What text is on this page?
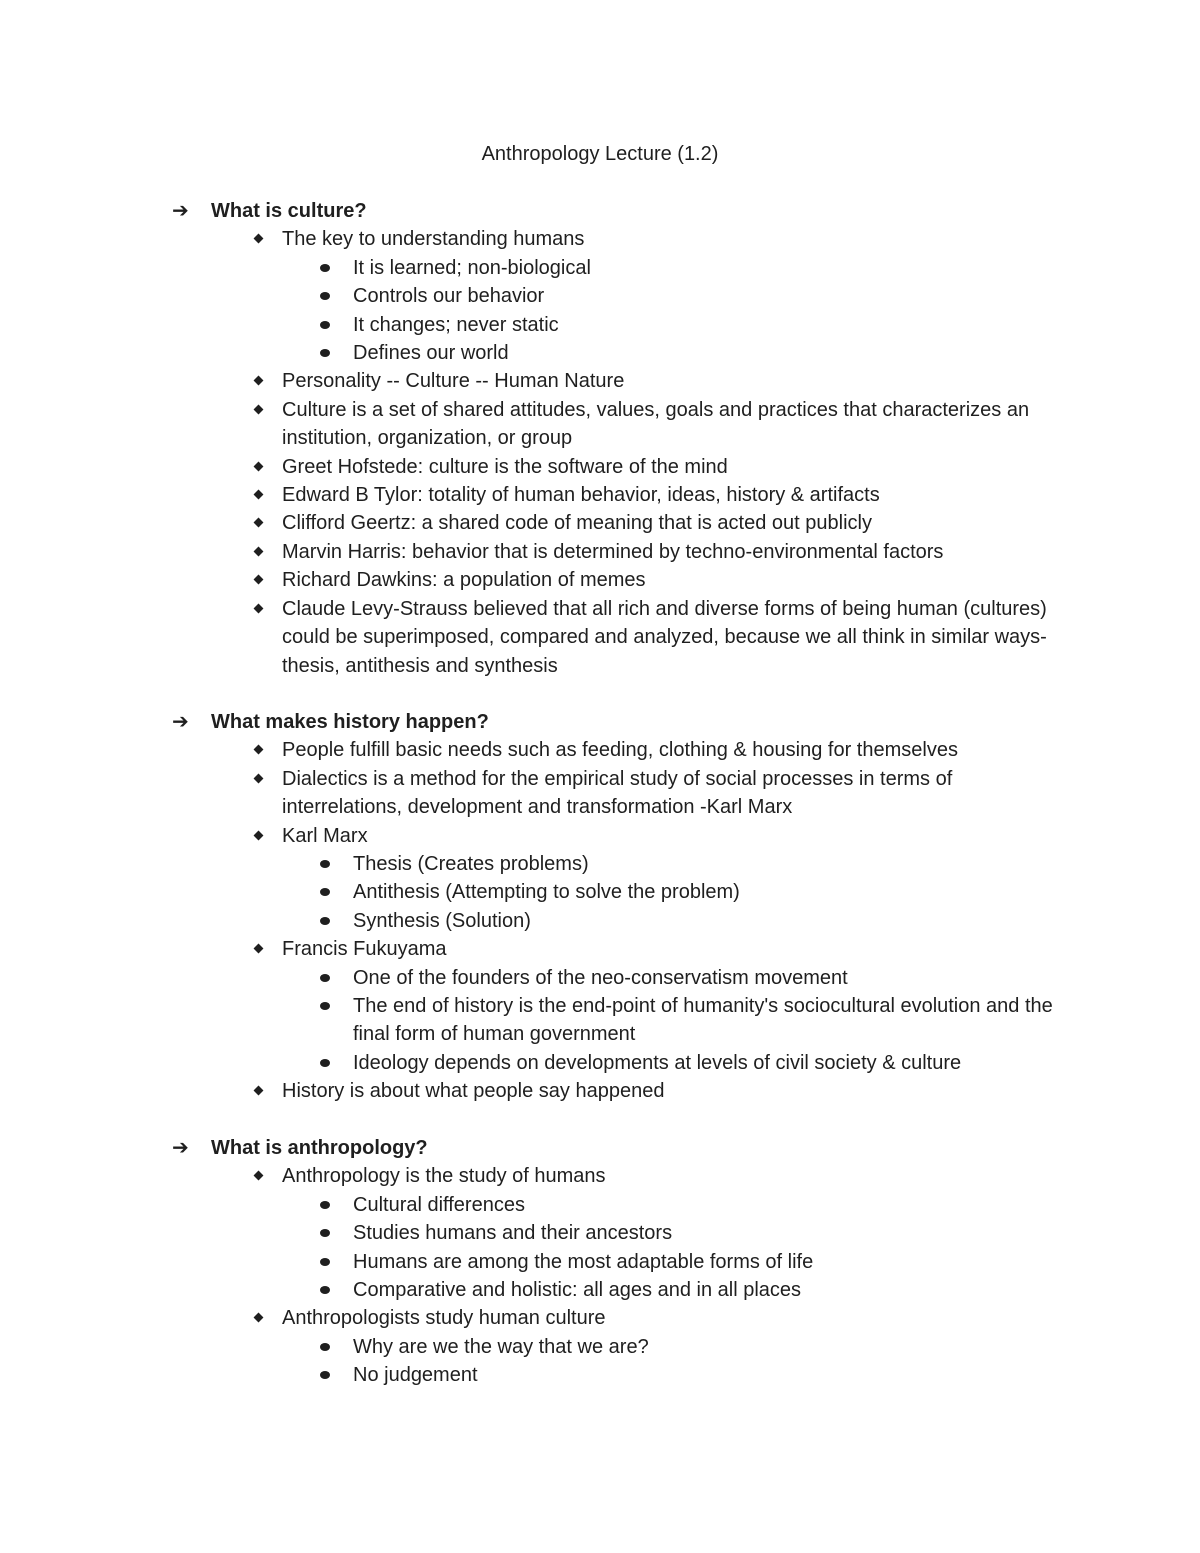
Anthropology Lecture (1.2)
➔	What is culture?
The key to understanding humans
It is learned; non-biological
Controls our behavior
It changes; never static
Defines our world
Personality -- Culture -- Human Nature
Culture is a set of shared attitudes, values, goals and practices that characterizes an institution, organization, or group
Greet Hofstede: culture is the software of the mind
Edward B Tylor: totality of human behavior, ideas, history & artifacts
Clifford Geertz: a shared code of meaning that is acted out publicly
Marvin Harris: behavior that is determined by techno-environmental factors
Richard Dawkins: a population of memes
Claude Levy-Strauss believed that all rich and diverse forms of being human (cultures) could be superimposed, compared and analyzed, because we all think in similar ways- thesis, antithesis and synthesis
➔	What makes history happen?
People fulfill basic needs such as feeding, clothing & housing for themselves
Dialectics is a method for the empirical study of social processes in terms of interrelations, development and transformation -Karl Marx
Karl Marx
Thesis (Creates problems)
Antithesis (Attempting to solve the problem)
Synthesis (Solution)
Francis Fukuyama
One of the founders of the neo-conservatism movement
The end of history is the end-point of humanity's sociocultural evolution and the final form of human government
Ideology depends on developments at levels of civil society & culture
History is about what people say happened
➔	What is anthropology?
Anthropology is the study of humans
Cultural differences
Studies humans and their ancestors
Humans are among the most adaptable forms of life
Comparative and holistic: all ages and in all places
Anthropologists study human culture
Why are we the way that we are?
No judgement
